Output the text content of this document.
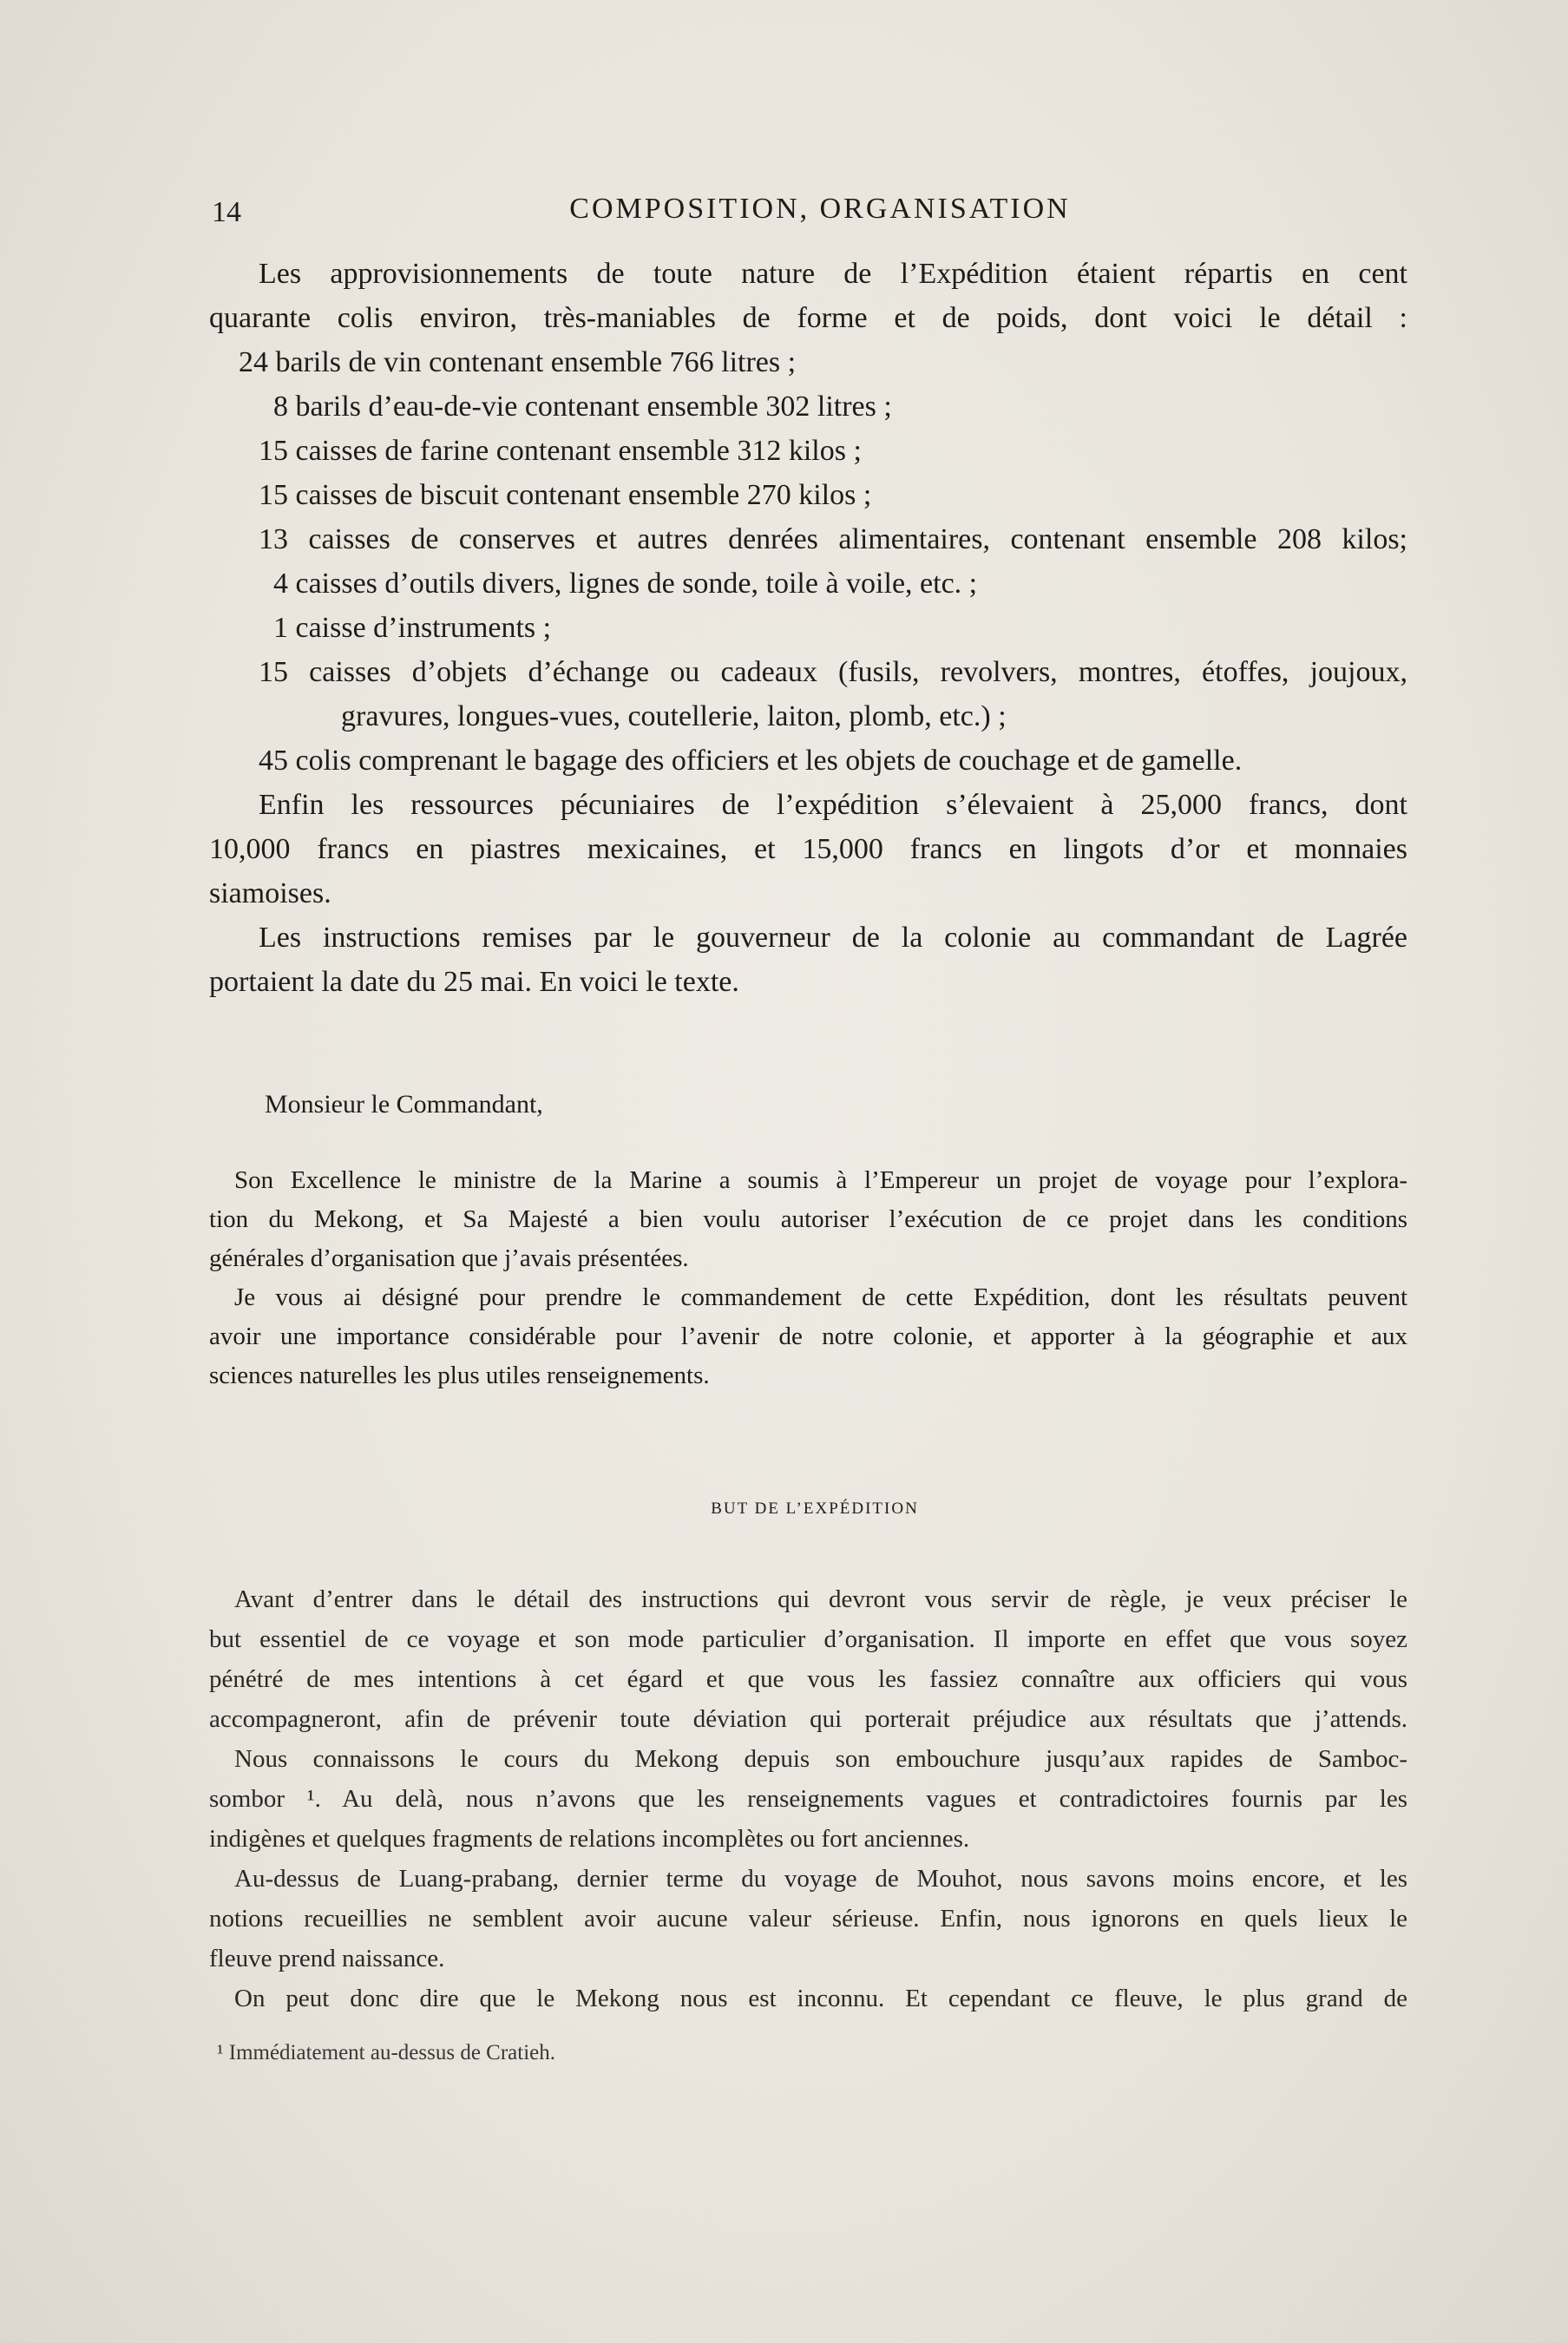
14	COMPOSITION, ORGANISATION
Les approvisionnements de toute nature de l’Expédition étaient répartis en cent
quarante colis environ, très-maniables de forme et de poids, dont voici le détail :
24 barils de vin contenant ensemble 766 litres ;
8 barils d’eau-de-vie contenant ensemble 302 litres ;
15 caisses de farine contenant ensemble 312 kilos ;
15 caisses de biscuit contenant ensemble 270 kilos ;
13 caisses de conserves et autres denrées alimentaires, contenant ensemble 208 kilos;
4 caisses d’outils divers, lignes de sonde, toile à voile, etc. ;
1 caisse d’instruments ;
15 caisses d’objets d’échange ou cadeaux (fusils, revolvers, montres, étoffes, joujoux,
gravures, longues-vues, coutellerie, laiton, plomb, etc.) ;
45 colis comprenant le bagage des officiers et les objets de couchage et de gamelle.
Enfin les ressources pécuniaires de l’expédition s’élevaient à 25,000 francs, dont
10,000 francs en piastres mexicaines, et 15,000 francs en lingots d’or et monnaies
siamoises.
Les instructions remises par le gouverneur de la colonie au commandant de Lagrée
portaient la date du 25 mai. En voici le texte.
Monsieur le Commandant,
Son Excellence le ministre de la Marine a soumis à l’Empereur un projet de voyage pour l’explora-
tion du Mekong, et Sa Majesté a bien voulu autoriser l’exécution de ce projet dans les conditions
générales d’organisation que j’avais présentées.
Je vous ai désigné pour prendre le commandement de cette Expédition, dont les résultats peuvent
avoir une importance considérable pour l’avenir de notre colonie, et apporter à la géographie et aux
sciences naturelles les plus utiles renseignements.
BUT DE L’EXPÉDITION
Avant d’entrer dans le détail des instructions qui devront vous servir de règle, je veux préciser le
but essentiel de ce voyage et son mode particulier d’organisation. Il importe en effet que vous soyez
pénétré de mes intentions à cet égard et que vous les fassiez connaître aux officiers qui vous
accompagneront, afin de prévenir toute déviation qui porterait préjudice aux résultats que j’attends.
Nous connaissons le cours du Mekong depuis son embouchure jusqu’aux rapides de Samboc-
sombor ¹. Au delà, nous n’avons que les renseignements vagues et contradictoires fournis par les
indigènes et quelques fragments de relations incomplètes ou fort anciennes.
Au-dessus de Luang-prabang, dernier terme du voyage de Mouhot, nous savons moins encore, et les
notions recueillies ne semblent avoir aucune valeur sérieuse. Enfin, nous ignorons en quels lieux le
fleuve prend naissance.
On peut donc dire que le Mekong nous est inconnu. Et cependant ce fleuve, le plus grand de
¹ Immédiatement au-dessus de Cratieh.
